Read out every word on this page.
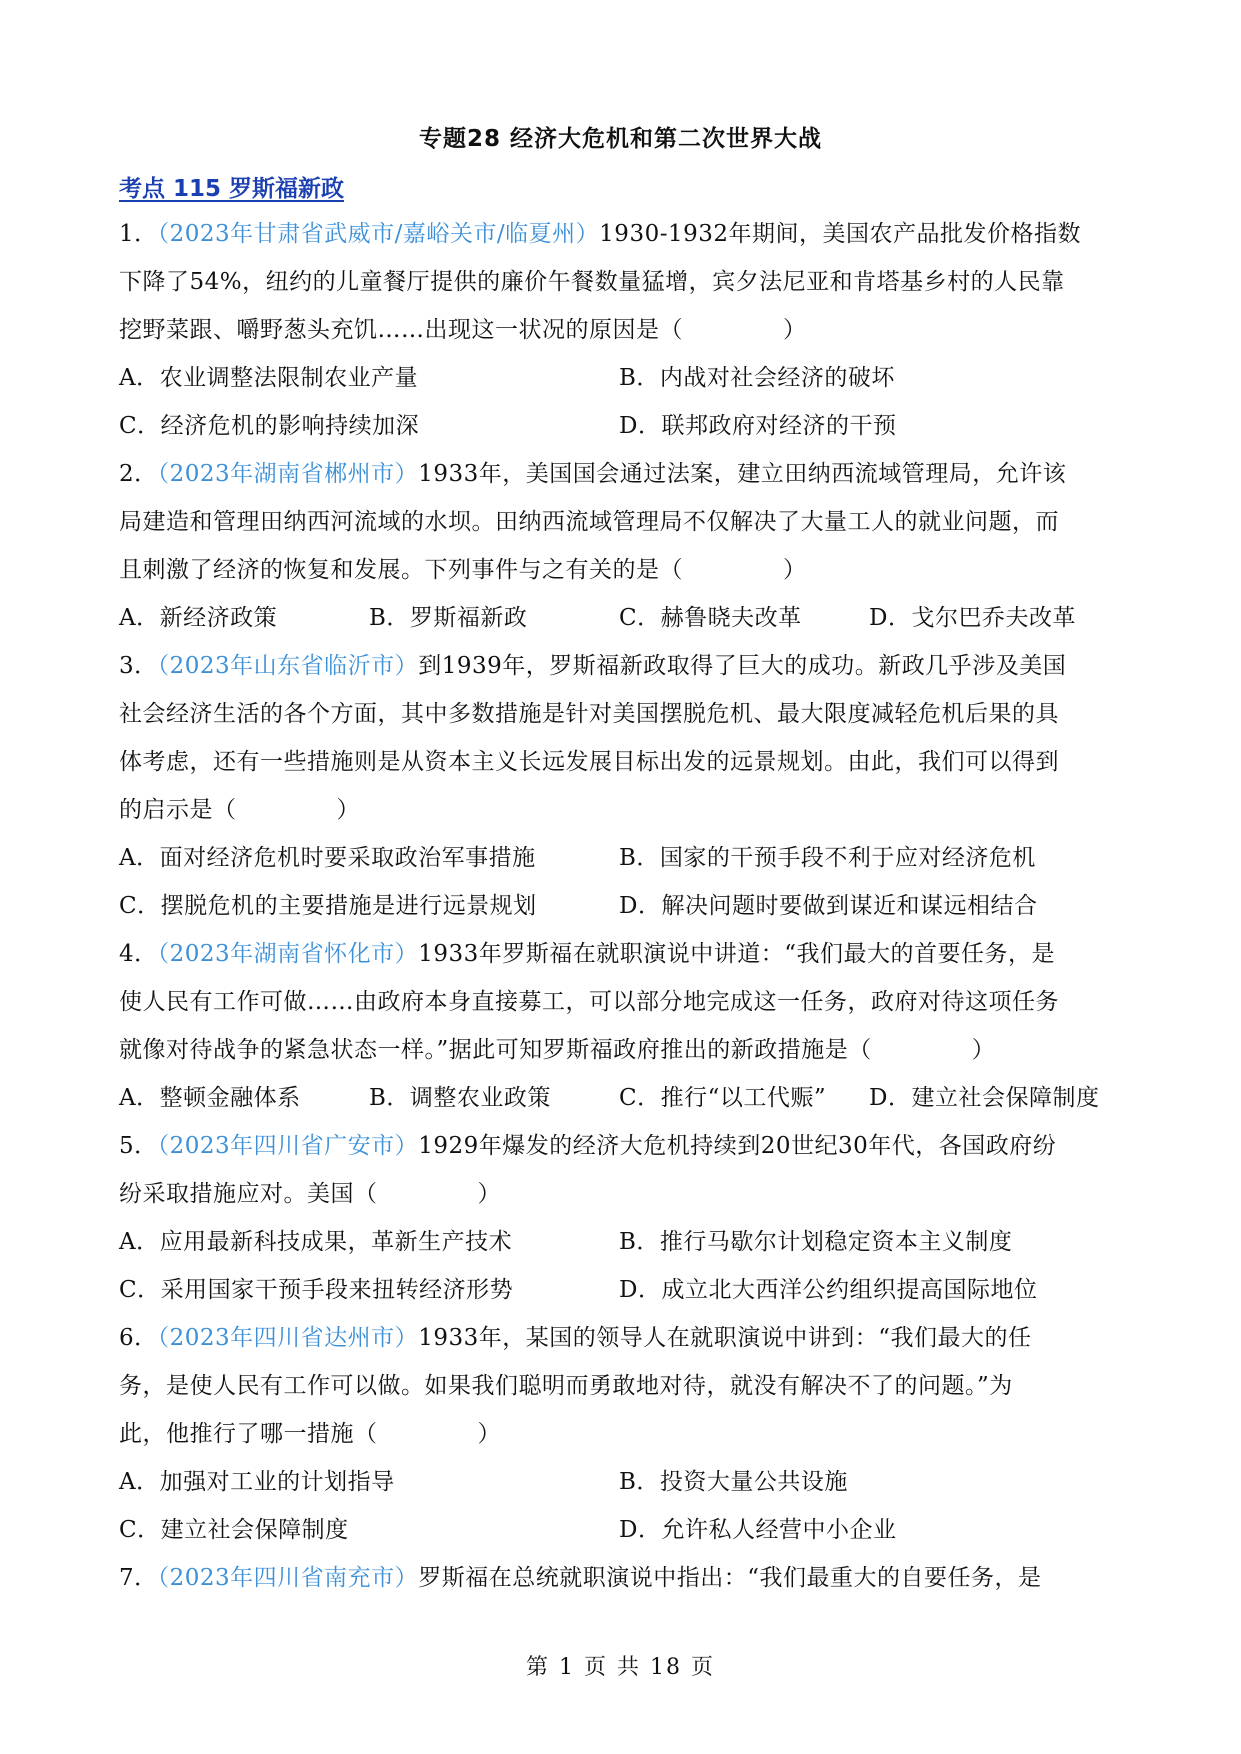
专题28 经济大危机和第二次世界大战
考点 115 罗斯福新政
1．（2023年甘肃省武威市/嘉峪关市/临夏州）1930-1932年期间，美国农产品批发价格指数
下降了54%，纽约的儿童餐厅提供的廉价午餐数量猛增，宾夕法尼亚和肯塔基乡村的人民靠
挖野菜跟、嚼野葱头充饥……出现这一状况的原因是（	）
A．农业调整法限制农业产量	B．内战对社会经济的破坏
C．经济危机的影响持续加深	D．联邦政府对经济的干预
2．（2023年湖南省郴州市）1933年，美国国会通过法案，建立田纳西流域管理局，允许该
局建造和管理田纳西河流域的水坝。田纳西流域管理局不仅解决了大量工人的就业问题，而
且刺激了经济的恢复和发展。下列事件与之有关的是（	）
A．新经济政策	B．罗斯福新政	C．赫鲁晓夫改革	D．戈尔巴乔夫改革
3．（2023年山东省临沂市）到1939年，罗斯福新政取得了巨大的成功。新政几乎涉及美国
社会经济生活的各个方面，其中多数措施是针对美国摆脱危机、最大限度减轻危机后果的具
体考虑，还有一些措施则是从资本主义长远发展目标出发的远景规划。由此，我们可以得到
的启示是（	）
A．面对经济危机时要采取政治军事措施	B．国家的干预手段不利于应对经济危机
C．摆脱危机的主要措施是进行远景规划	D．解决问题时要做到谋近和谋远相结合
4．（2023年湖南省怀化市）1933年罗斯福在就职演说中讲道：“我们最大的首要任务，是
使人民有工作可做……由政府本身直接募工，可以部分地完成这一任务，政府对待这项任务
就像对待战争的紧急状态一样。”据此可知罗斯福政府推出的新政措施是（	）
A．整顿金融体系	B．调整农业政策	C．推行“以工代赈”	D．建立社会保障制度
5．（2023年四川省广安市）1929年爆发的经济大危机持续到20世纪30年代，各国政府纷
纷采取措施应对。美国（	）
A．应用最新科技成果，革新生产技术	B．推行马歇尔计划稳定资本主义制度
C．采用国家干预手段来扭转经济形势	D．成立北大西洋公约组织提高国际地位
6．（2023年四川省达州市）1933年，某国的领导人在就职演说中讲到：“我们最大的任
务，是使人民有工作可以做。如果我们聪明而勇敢地对待，就没有解决不了的问题。”为
此，他推行了哪一措施（	）
A．加强对工业的计划指导	B．投资大量公共设施
C．建立社会保障制度	D．允许私人经营中小企业
7．（2023年四川省南充市）罗斯福在总统就职演说中指出：“我们最重大的自要任务，是
第 1 页 共 18 页
